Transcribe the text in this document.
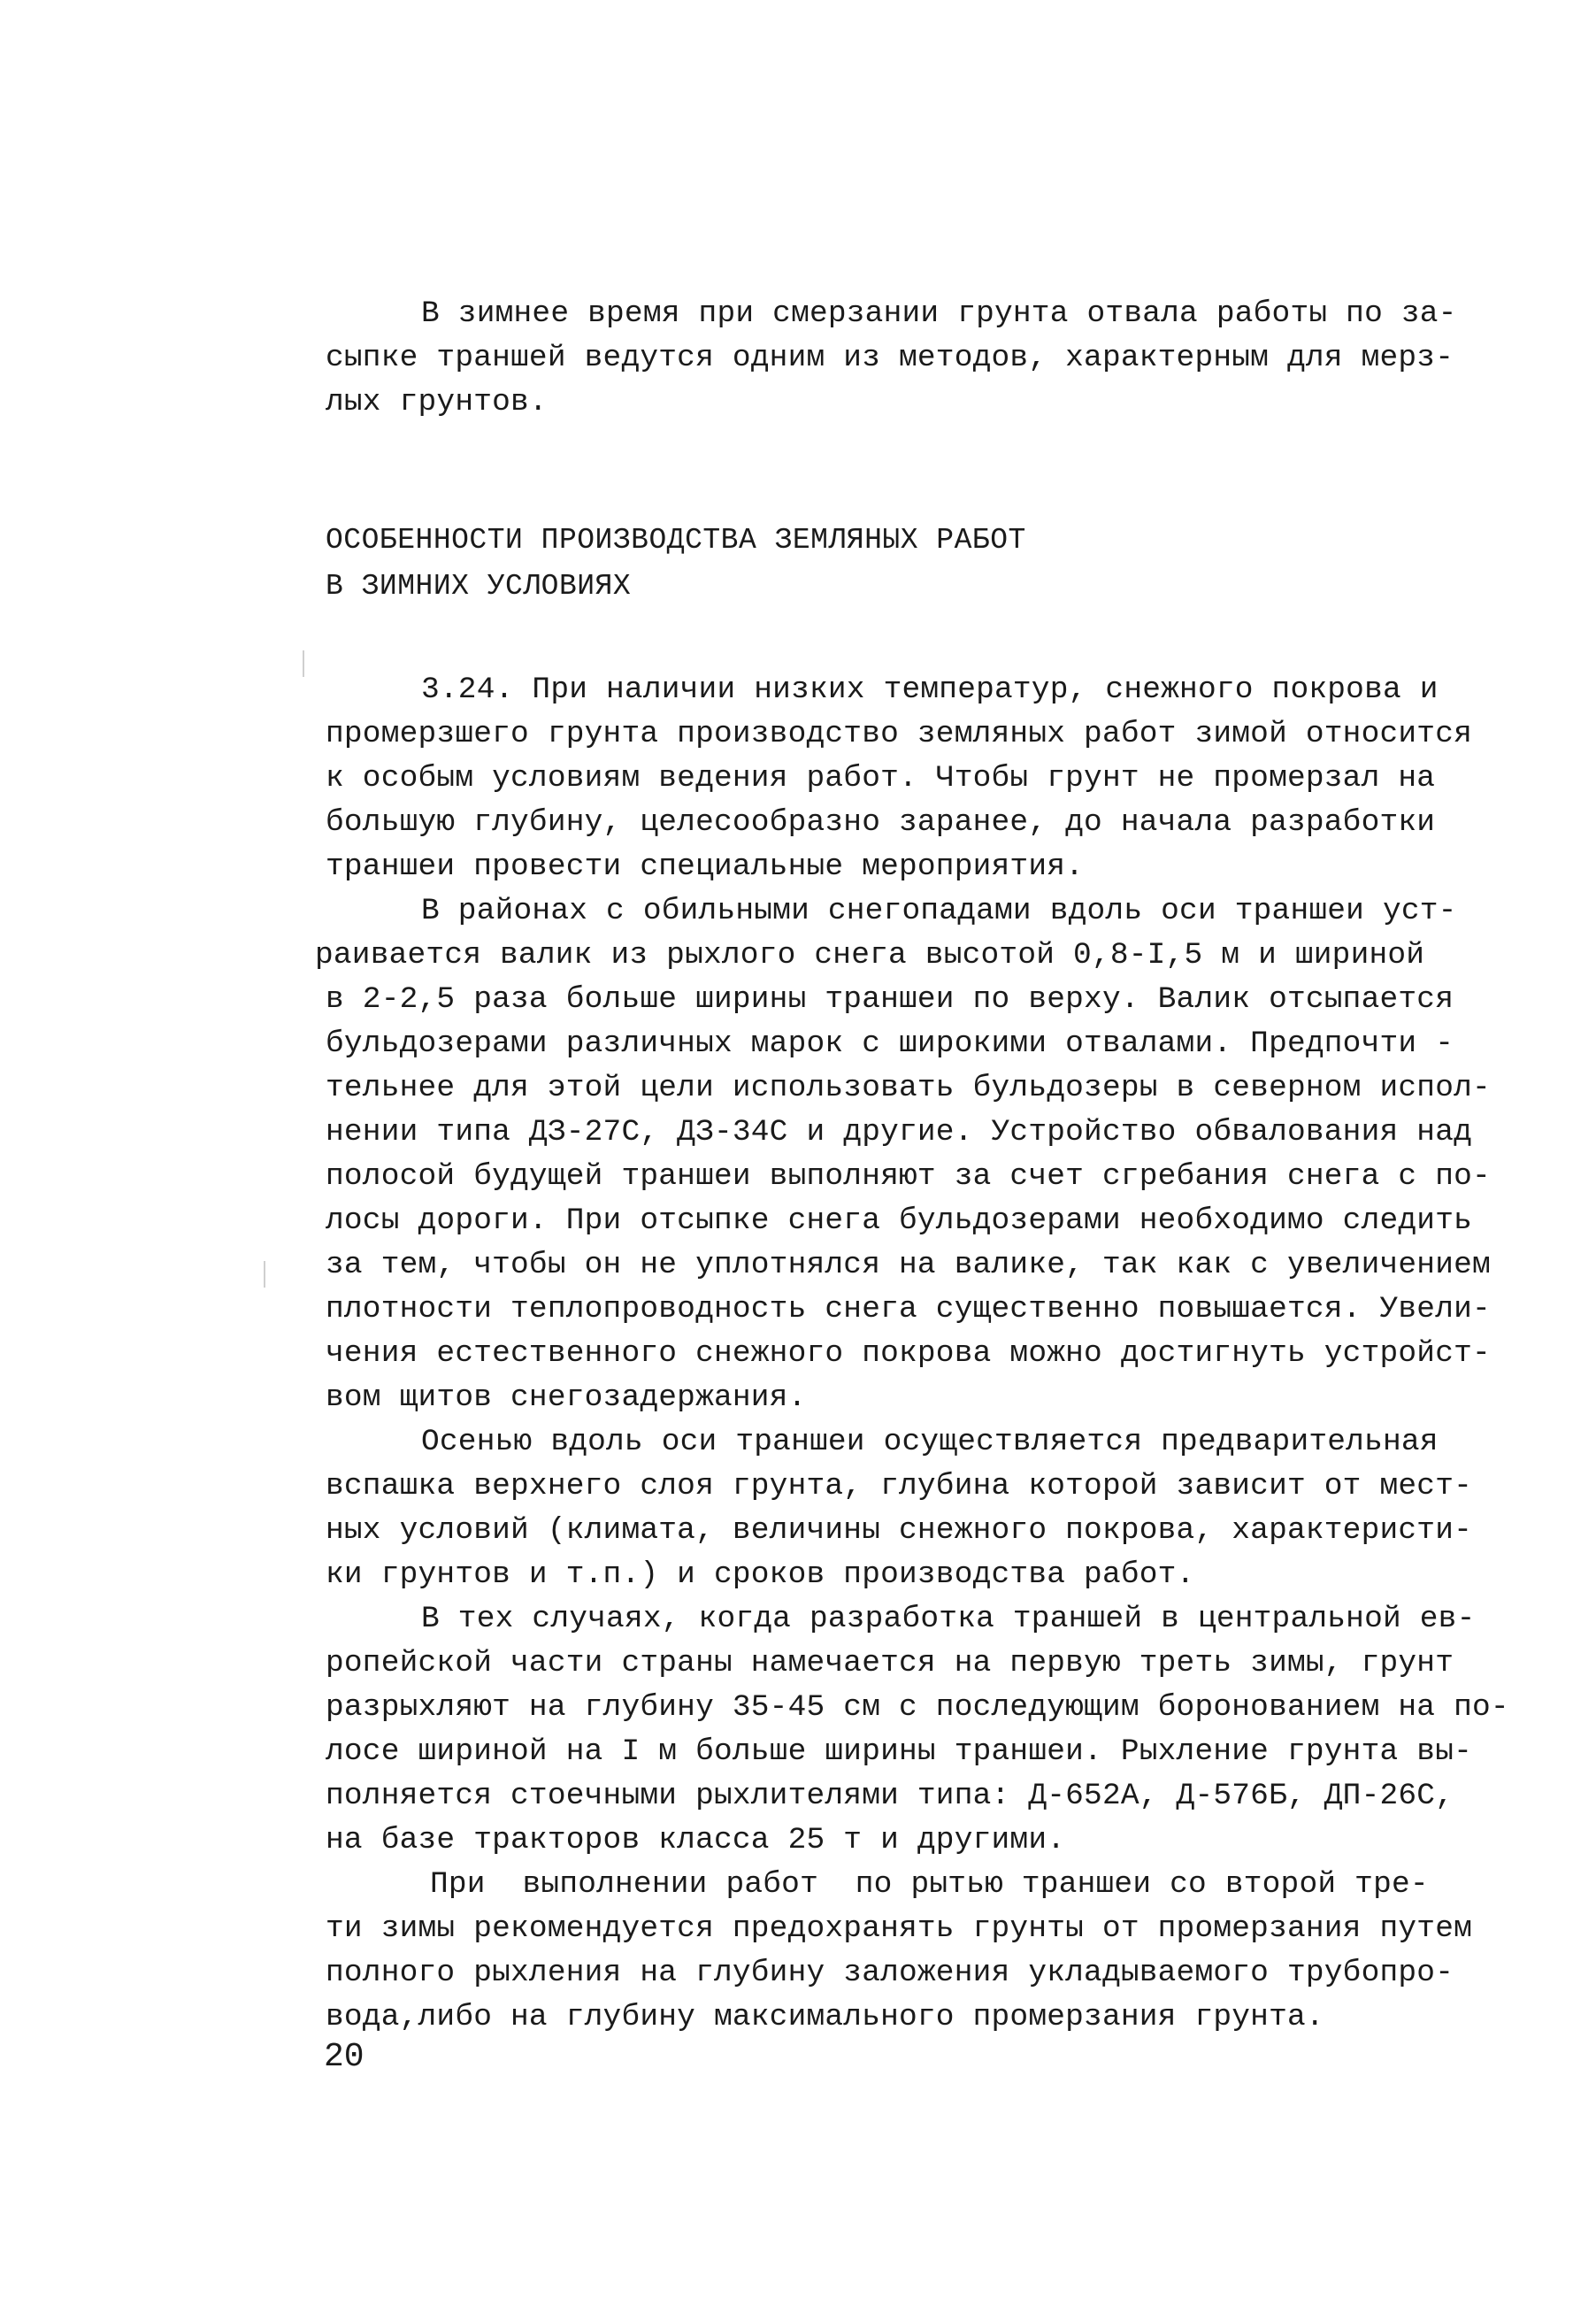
В зимнее время при смерзании грунта отвала работы по за-
сыпке траншей ведутся одним из методов, характерным для мерз-
лых грунтов.
ОСОБЕННОСТИ ПРОИЗВОДСТВА ЗЕМЛЯНЫХ РАБОТ
В ЗИМНИХ УСЛОВИЯХ
3.24. При наличии низких температур, снежного покрова и
промерзшего грунта производство земляных работ зимой относится
к особым условиям ведения работ. Чтобы грунт не промерзал на
большую глубину, целесообразно заранее, до начала разработки
траншеи провести специальные мероприятия.
В районах с обильными снегопадами вдоль оси траншеи уст-
раивается валик из рыхлого снега высотой 0,8-I,5 м и шириной
в 2-2,5 раза больше ширины траншеи по верху. Валик отсыпается
бульдозерами различных марок с широкими отвалами. Предпочти -
тельнее для этой цели использовать бульдозеры в северном испол-
нении типа ДЗ-27С, ДЗ-34С и другие. Устройство обвалования над
полосой будущей траншеи выполняют за счет сгребания снега с по-
лосы дороги. При отсыпке снега бульдозерами необходимо следить
за тем, чтобы он не уплотнялся на валике, так как с увеличением
плотности теплопроводность снега существенно повышается. Увели-
чения естественного снежного покрова можно достигнуть устройст-
вом щитов снегозадержания.
Осенью вдоль оси траншеи осуществляется предварительная
вспашка верхнего слоя грунта, глубина которой зависит от мест-
ных условий (климата, величины снежного покрова, характеристи-
ки грунтов и т.п.) и сроков производства работ.
В тех случаях, когда разработка траншей в центральной ев-
ропейской части страны намечается на первую треть зимы, грунт
разрыхляют на глубину 35-45 см с последующим боронованием на по-
лосе шириной на I м больше ширины траншеи. Рыхление грунта вы-
полняется стоечными рыхлителями типа: Д-652А, Д-576Б, ДП-26С,
на базе тракторов класса 25 т и другими.
При  выполнении работ  по рытью траншеи со второй тре-
ти зимы рекомендуется предохранять грунты от промерзания путем
полного рыхления на глубину заложения укладываемого трубопро-
вода,либо на глубину максимального промерзания грунта.
20
